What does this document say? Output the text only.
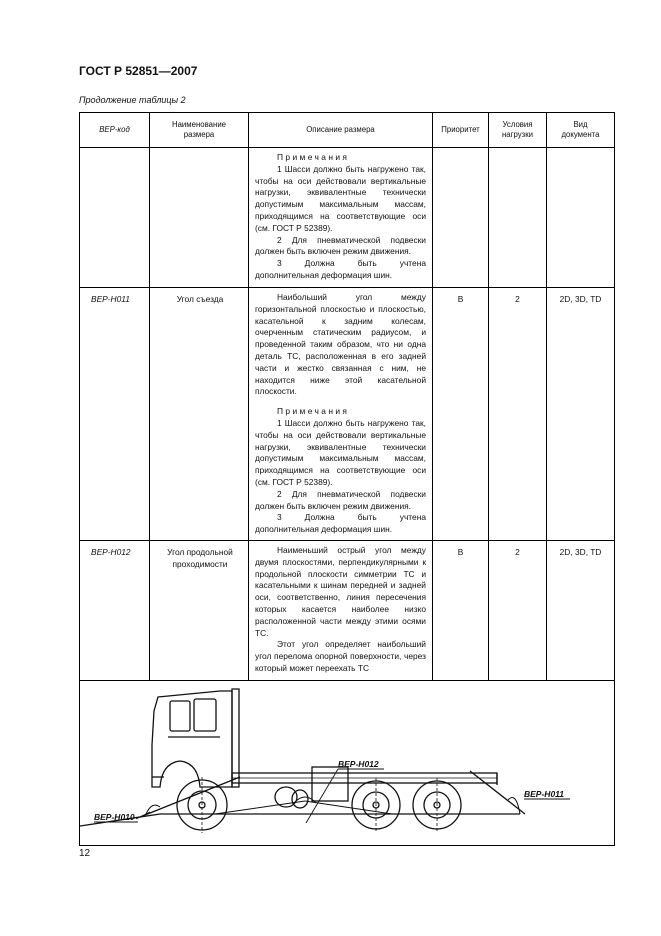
ГОСТ Р 52851—2007
Продолжение таблицы 2
ВЕР-код	Наименование размера	Описание размера	Приоритет	Условия нагрузки	Вид документа

		Примечания

1 Шасси должно быть нагружено так, чтобы на оси действовали вертикальные нагрузки, эквивалентные технически допустимым максимальным массам, приходящимся на соответствующие оси (см. ГОСТ Р 52389).

2 Для пневматической подвески должен быть включен режим движения.

3 Должна быть учтена дополнительная деформация шин.			

ВЕР-Н011	Угол съезда	Наибольший угол между горизонтальной плоскостью и плоскостью, касательной к задним колесам, очерченным статическим радиусом, и проведенной таким образом, что ни одна деталь ТС, расположенная в его задней части и жестко связанная с ним, не находится ниже этой касательной плоскости.

Примечания

1 Шасси должно быть нагружено так, чтобы на оси действовали вертикальные нагрузки, эквивалентные технически допустимым максимальным массам, приходящимся на соответствующие оси (см. ГОСТ Р 52389).

2 Для пневматической подвески должен быть включен режим движения.

3 Должна быть учтена дополнительная деформация шин.	В	2	2D, 3D, TD
ВЕР-Н012	Угол продольной проходимости	Наименьший острый угол между двумя плоскостями, перпендикулярными к продольной плоскости симметрии ТС и касательными к шинам передней и задней оси, соответственно, линия пересечения которых касается наиболее низко расположенной части между этими осями ТС.

Этот угол определяет наибольший угол перелома опорной поверхности, через который может переехать ТС	В	2	2D, 3D, TD

ВЕР-Н012
ВЕР-Н010
ВЕР-Н011					
12
